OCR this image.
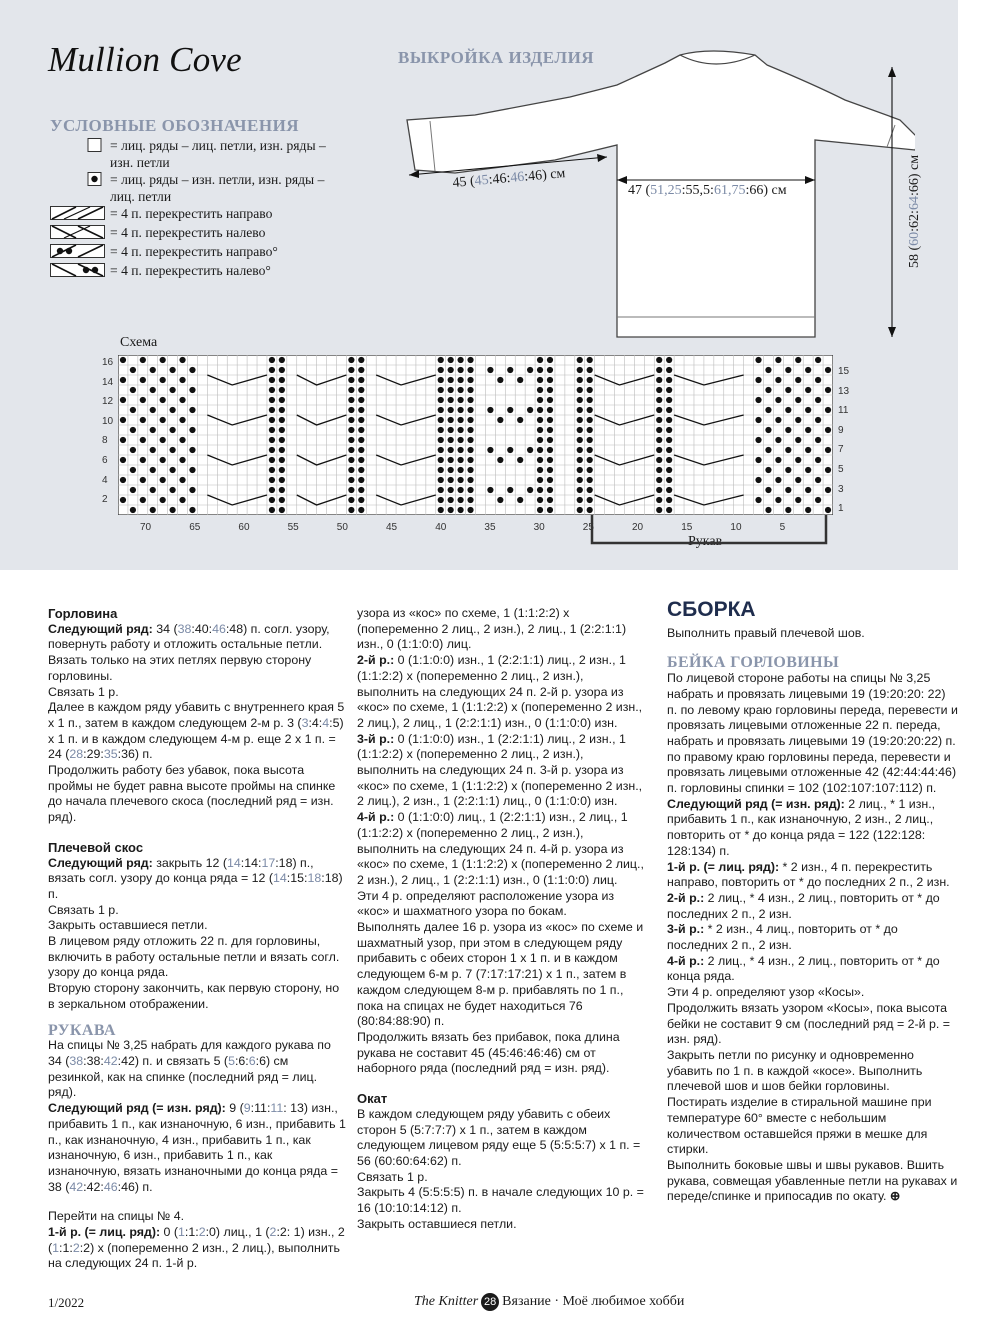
Mullion Cove	ВЫКРОЙКА ИЗДЕЛИЯ
УСЛОВНЫЕ ОБОЗНАЧЕНИЯ
= лиц. ряды – лиц. петли, изн. ряды – изн. петли
= лиц. ряды – изн. петли, изн. ряды – лиц. петли
= 4 п. перекрестить направо
= 4 п. перекрестить налево
= 4 п. перекрестить направо°
= 4 п. перекрестить налево°
45 (45:46:46:46) см
47 (51,25:55,5:61,75:66) см
58 (60:62:64:66) см
Схема
16
14
12
10
8
6
4
2
15
13
11
9
7
5
3
1
70	65	60	55	50	45	40	35	30	25	20	15	10	5
Рукав

Горловина

Следующий ряд: 34 (38:40:46:48) п. согл. узору, повернуть работу и отложить остальные петли. Вязать только на этих петлях первую сторону горловины.

Связать 1 р.

Далее в каждом ряду убавить с внутреннего края 5 х 1 п., затем в каждом следующем 2-м р. 3 (3:4:4:5) х 1 п. и в каждом следующем 4-м р. еще 2 х 1 п. = 24 (28:29:35:36) п.

Продолжить работу без убавок, пока высота проймы не будет равна высоте проймы на спинке до начала плечевого скоса (последний ряд = изн. ряд).

Плечевой скос

Следующий ряд: закрыть 12 (14:14:17:18) п., вязать согл. узору до конца ряда = 12 (14:15:18:18) п.

Связать 1 р.

Закрыть оставшиеся петли.

В лицевом ряду отложить 22 п. для горловины, включить в работу остальные петли и вязать согл. узору до конца ряда.

Вторую сторону закончить, как первую сторону, но в зеркальном отображении.

РУКАВА

На спицы № 3,25 набрать для каждого рукава по 34 (38:38:42:42) п. и связать 5 (5:6:6:6) см резинкой, как на спинке (последний ряд = лиц. ряд).

Следующий ряд (= изн. ряд): 9 (9:11:11: 13) изн., прибавить 1 п., как изнаночную, 6 изн., прибавить 1 п., как изнаночную, 4 изн., прибавить 1 п., как изнаночную, 6 изн., прибавить 1 п., как изнаночную, вязать изнаночными до конца ряда = 38 (42:42:46:46) п.

Перейти на спицы № 4.

1-й р. (= лиц. ряд): 0 (1:1:2:0) лиц., 1 (2:2: 1) изн., 2 (1:1:2:2) х (попеременно 2 изн., 2 лиц.), выполнить на следующих 24 п. 1-й р.

узора из «кос» по схеме, 1 (1:1:2:2) х (попеременно 2 лиц., 2 изн.), 2 лиц., 1 (2:2:1:1) изн., 0 (1:1:0:0) лиц.

2-й р.: 0 (1:1:0:0) изн., 1 (2:2:1:1) лиц., 2 изн., 1 (1:1:2:2) х (попеременно 2 лиц., 2 изн.), выполнить на следующих 24 п. 2-й р. узора из «кос» по схеме, 1 (1:1:2:2) х (попеременно 2 изн., 2 лиц.), 2 лиц., 1 (2:2:1:1) изн., 0 (1:1:0:0) изн.

3-й р.: 0 (1:1:0:0) изн., 1 (2:2:1:1) лиц., 2 изн., 1 (1:1:2:2) х (попеременно 2 лиц., 2 изн.), выполнить на следующих 24 п. 3-й р. узора из «кос» по схеме, 1 (1:1:2:2) х (попеременно 2 изн., 2 лиц.), 2 изн., 1 (2:2:1:1) лиц., 0 (1:1:0:0) изн.

4-й р.: 0 (1:1:0:0) лиц., 1 (2:2:1:1) изн., 2 лиц., 1 (1:1:2:2) х (попеременно 2 лиц., 2 изн.), выполнить на следующих 24 п. 4-й р. узора из «кос» по схеме, 1 (1:1:2:2) х (попеременно 2 лиц., 2 изн.), 2 лиц., 1 (2:2:1:1) изн., 0 (1:1:0:0) лиц.

Эти 4 р. определяют расположение узора из «кос» и шахматного узора по бокам.

Выполнять далее 16 р. узора из «кос» по схеме и шахматный узор, при этом в следующем ряду прибавить с обеих сторон 1 х 1 п. и в каждом следующем 6-м р. 7 (7:17:17:21) х 1 п., затем в каждом следующем 8-м р. прибавлять по 1 п., пока на спицах не будет находиться 76 (80:84:88:90) п.

Продолжить вязать без прибавок, пока длина рукава не составит 45 (45:46:46:46) см от наборного ряда (последний ряд = изн. ряд).

Окат

В каждом следующем ряду убавить с обеих сторон 5 (5:7:7:7) х 1 п., затем в каждом следующем лицевом ряду еще 5 (5:5:5:7) х 1 п. = 56 (60:60:64:62) п.

Связать 1 р.

Закрыть 4 (5:5:5:5) п. в начале следующих 10 р. = 16 (10:10:14:12) п.

Закрыть оставшиеся петли.

СБОРКА

Выполнить правый плечевой шов.

БЕЙКА ГОРЛОВИНЫ

По лицевой стороне работы на спицы № 3,25 набрать и провязать лицевыми 19 (19:20:20: 22) п. по левому краю горловины переда, перевести и провязать лицевыми отложенные 22 п. переда, набрать и провязать лицевыми 19 (19:20:20:22) п. по правому краю горловины переда, перевести и провязать лицевыми отложенные 42 (42:44:44:46) п. горловины спинки = 102 (102:107:107:112) п.

Следующий ряд (= изн. ряд): 2 лиц., * 1 изн., прибавить 1 п., как изнаночную, 2 изн., 2 лиц., повторить от * до конца ряда = 122 (122:128: 128:134) п.

1-й р. (= лиц. ряд): * 2 изн., 4 п. перекрестить направо, повторить от * до последних 2 п., 2 изн.

2-й р.: 2 лиц., * 4 изн., 2 лиц., повторить от * до последних 2 п., 2 изн.

3-й р.: * 2 изн., 4 лиц., повторить от * до последних 2 п., 2 изн.

4-й р.: 2 лиц., * 4 изн., 2 лиц., повторить от * до конца ряда.

Эти 4 р. определяют узор «Косы».

Продолжить вязать узором «Косы», пока высота бейки не составит 9 см (последний ряд = 2-й р. = изн. ряд).

Закрыть петли по рисунку и одновременно убавить по 1 п. в каждой «косе». Выполнить плечевой шов и шов бейки горловины.

Постирать изделие в стиральной машине при температуре 60° вместе с небольшим количеством оставшейся пряжи в мешке для стирки.

Выполнить боковые швы и швы рукавов. Вшить рукава, совмещая убавленные петли на рукавах и переде/спинке и припосадив по окату. ⊕

1/2022	The Knitter 28 Вязание · Моё любимое хобби
